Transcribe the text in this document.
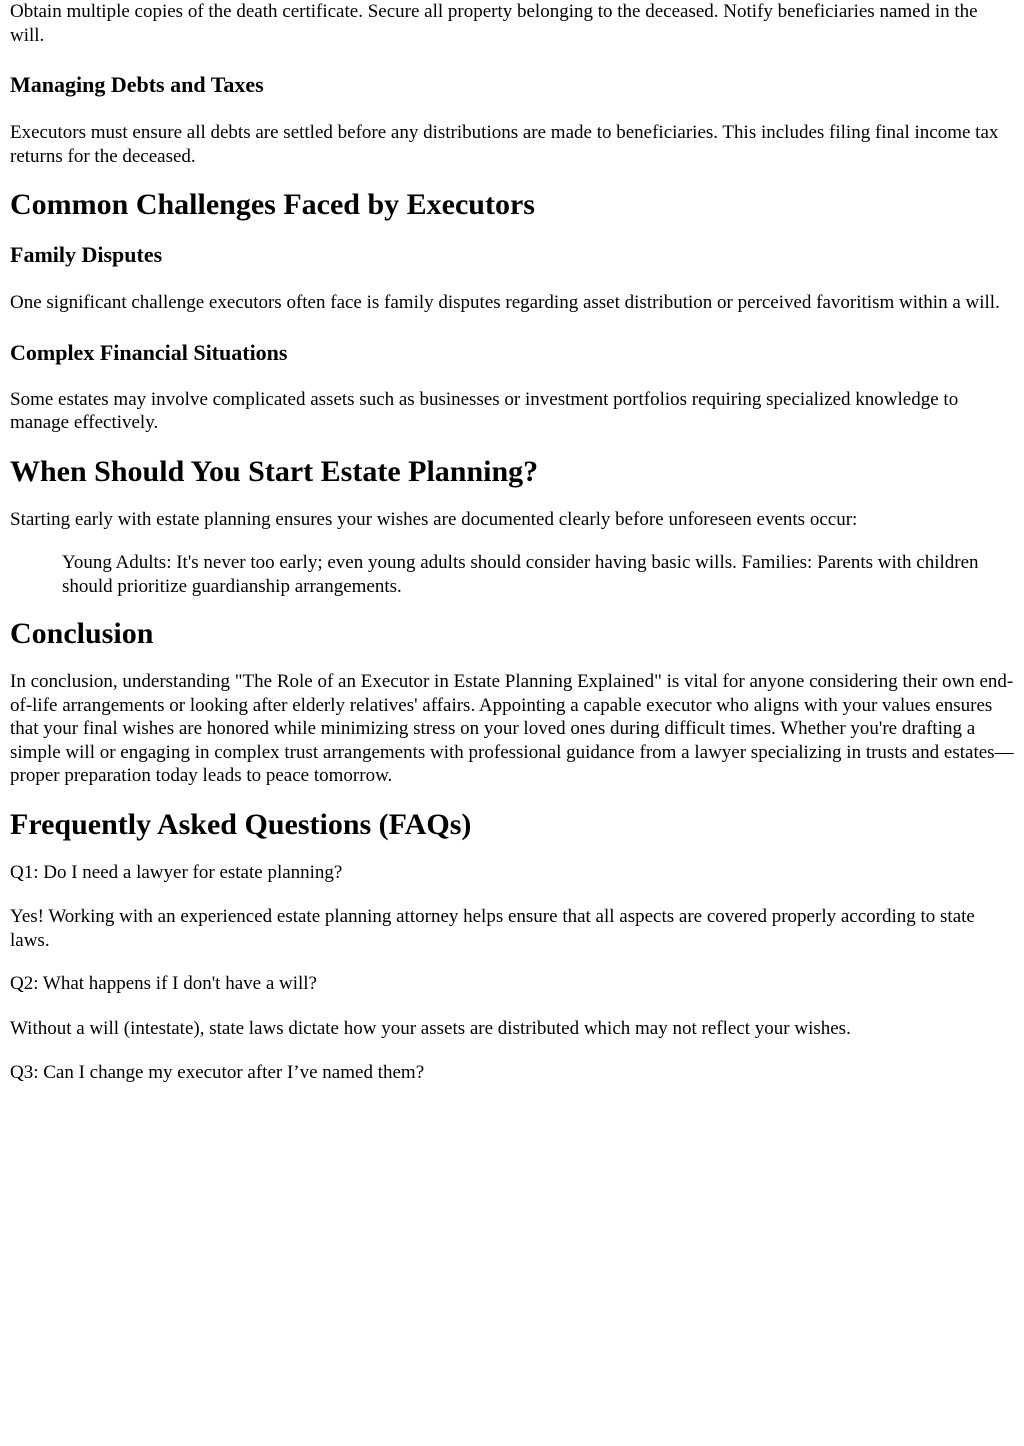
Obtain multiple copies of the death certificate. Secure all property belonging to the deceased. Notify beneficiaries named in the will.

Managing Debts and Taxes

Executors must ensure all debts are settled before any distributions are made to beneficiaries. This includes filing final income tax returns for the deceased.

Common Challenges Faced by Executors
Family Disputes

One significant challenge executors often face is family disputes regarding asset distribution or perceived favoritism within a will.

Complex Financial Situations

Some estates may involve complicated assets such as businesses or investment portfolios requiring specialized knowledge to manage effectively.

When Should You Start Estate Planning?

Starting early with estate planning ensures your wishes are documented clearly before unforeseen events occur:

Young Adults: It's never too early; even young adults should consider having basic wills. Families: Parents with children should prioritize guardianship arrangements.
Conclusion

In conclusion, understanding "The Role of an Executor in Estate Planning Explained" is vital for anyone considering their own end-of-life arrangements or looking after elderly relatives' affairs. Appointing a capable executor who aligns with your values ensures that your final wishes are honored while minimizing stress on your loved ones during difficult times. Whether you're drafting a simple will or engaging in complex trust arrangements with professional guidance from a lawyer specializing in trusts and estates—proper preparation today leads to peace tomorrow.

Frequently Asked Questions (FAQs)

Q1: Do I need a lawyer for estate planning?

Yes! Working with an experienced estate planning attorney helps ensure that all aspects are covered properly according to state laws.

Q2: What happens if I don't have a will?

Without a will (intestate), state laws dictate how your assets are distributed which may not reflect your wishes.

Q3: Can I change my executor after I’ve named them?
